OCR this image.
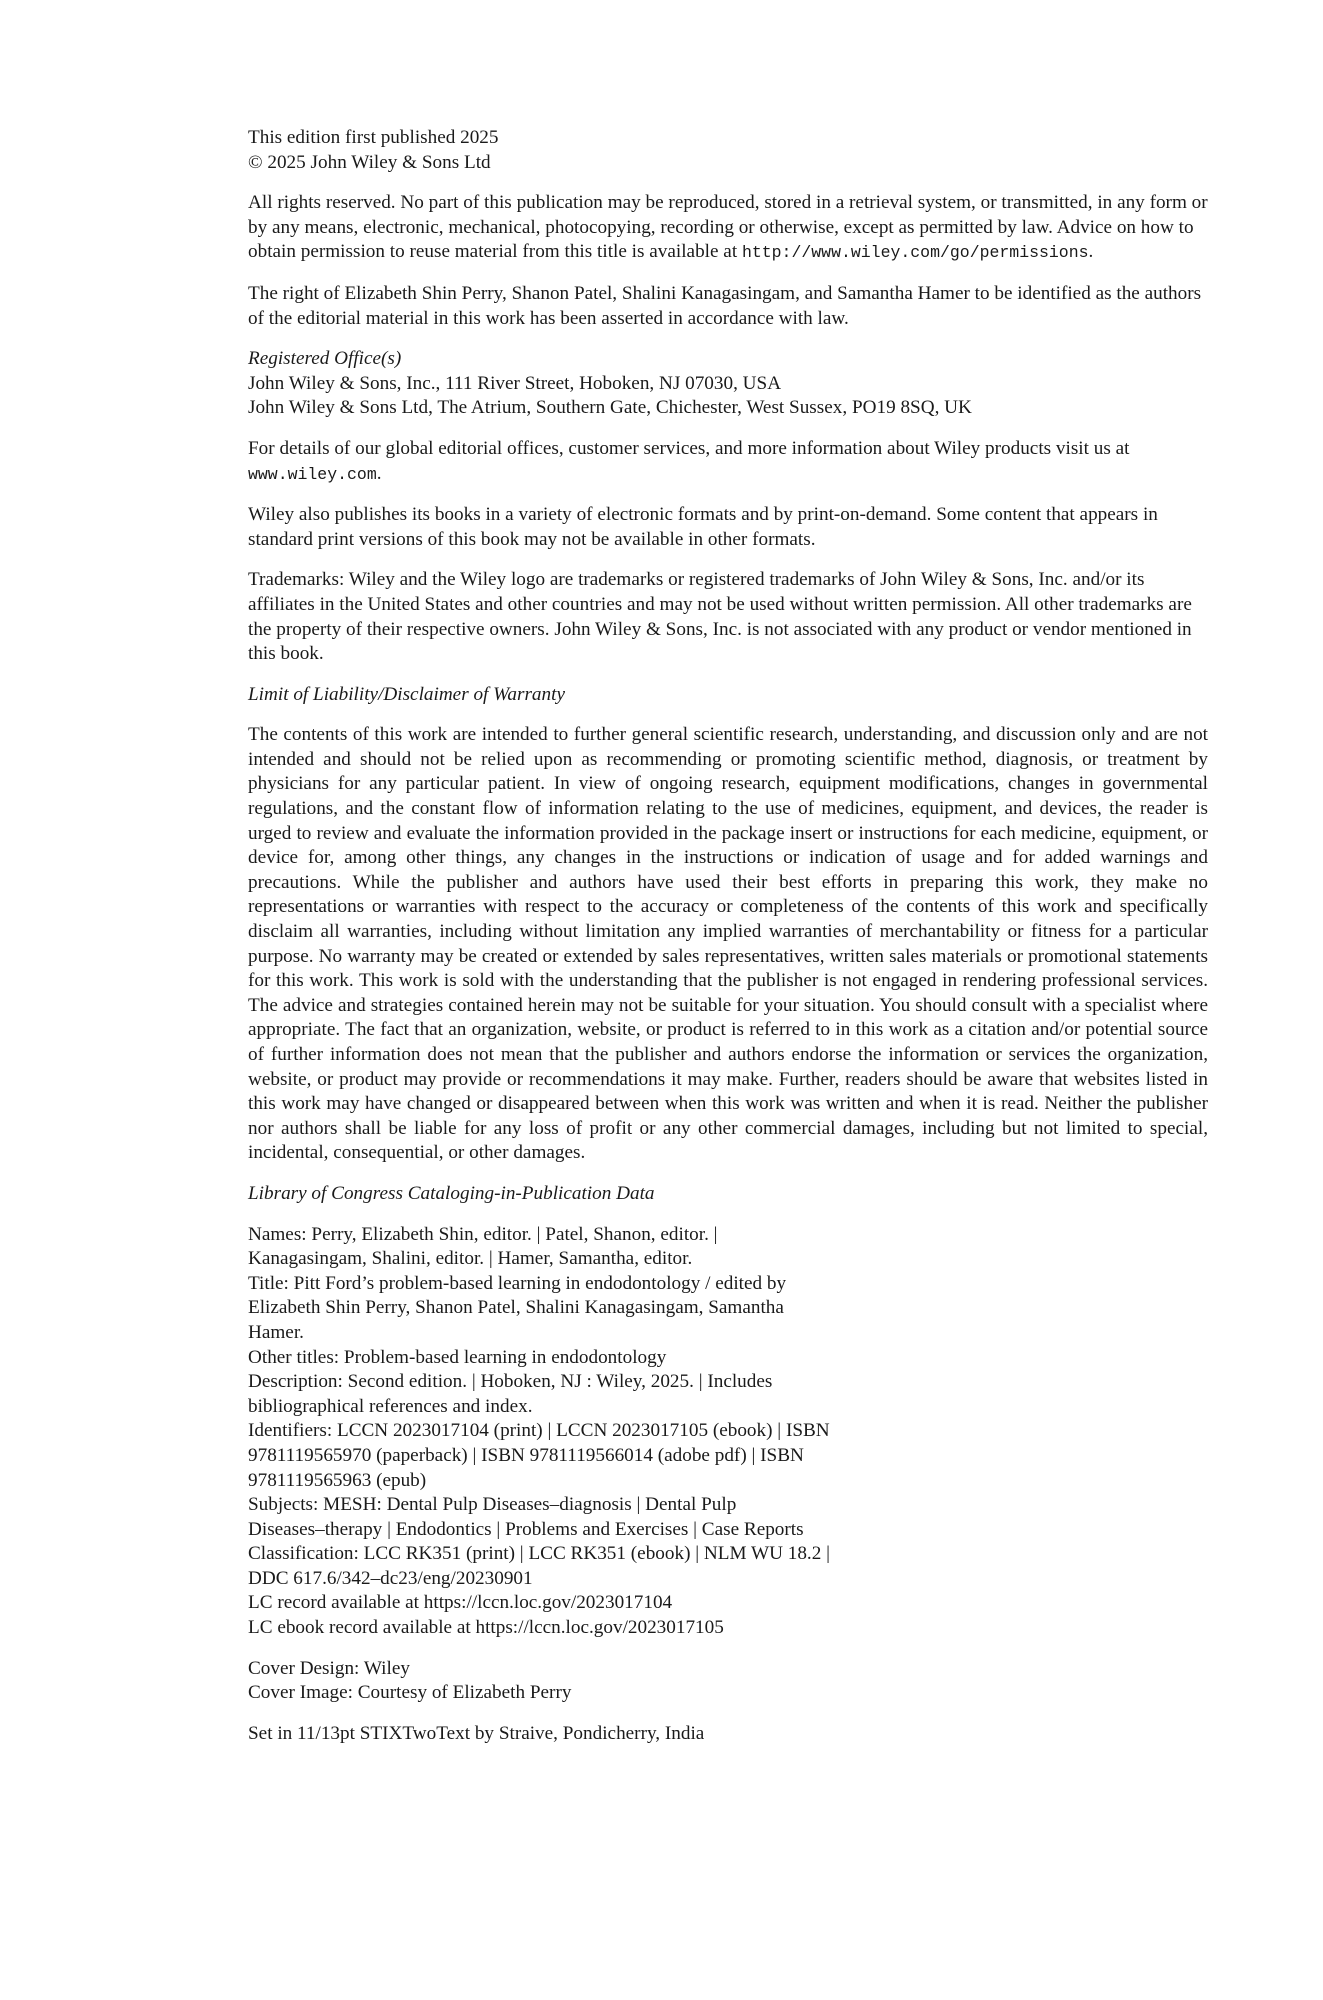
This edition first published 2025

© 2025 John Wiley & Sons Ltd

All rights reserved. No part of this publication may be reproduced, stored in a retrieval system, or transmitted, in any form or by any means, electronic, mechanical, photocopying, recording or otherwise, except as permitted by law. Advice on how to obtain permission to reuse material from this title is available at http://www.wiley.com/go/permissions.

The right of Elizabeth Shin Perry, Shanon Patel, Shalini Kanagasingam, and Samantha Hamer to be identified as the authors of the editorial material in this work has been asserted in accordance with law.

Registered Office(s)

John Wiley & Sons, Inc., 111 River Street, Hoboken, NJ 07030, USA

John Wiley & Sons Ltd, The Atrium, Southern Gate, Chichester, West Sussex, PO19 8SQ, UK

For details of our global editorial offices, customer services, and more information about Wiley products visit us at www.wiley.com.

Wiley also publishes its books in a variety of electronic formats and by print-on-demand. Some content that appears in standard print versions of this book may not be available in other formats.

Trademarks: Wiley and the Wiley logo are trademarks or registered trademarks of John Wiley & Sons, Inc. and/or its affiliates in the United States and other countries and may not be used without written permission. All other trademarks are the property of their respective owners. John Wiley & Sons, Inc. is not associated with any product or vendor mentioned in this book.

Limit of Liability/Disclaimer of Warranty

The contents of this work are intended to further general scientific research, understanding, and discussion only and are not intended and should not be relied upon as recommending or promoting scientific method, diagnosis, or treatment by physicians for any particular patient. In view of ongoing research, equipment modifications, changes in governmental regulations, and the constant flow of information relating to the use of medicines, equipment, and devices, the reader is urged to review and evaluate the information provided in the package insert or instructions for each medicine, equipment, or device for, among other things, any changes in the instructions or indication of usage and for added warnings and precautions. While the publisher and authors have used their best efforts in preparing this work, they make no representations or warranties with respect to the accuracy or completeness of the contents of this work and specifically disclaim all warranties, including without limitation any implied warranties of merchantability or fitness for a particular purpose. No warranty may be created or extended by sales representatives, written sales materials or promotional statements for this work. This work is sold with the understanding that the publisher is not engaged in rendering professional services. The advice and strategies contained herein may not be suitable for your situation. You should consult with a specialist where appropriate. The fact that an organization, website, or product is referred to in this work as a citation and/or potential source of further information does not mean that the publisher and authors endorse the information or services the organization, website, or product may provide or recommendations it may make. Further, readers should be aware that websites listed in this work may have changed or disappeared between when this work was written and when it is read. Neither the publisher nor authors shall be liable for any loss of profit or any other commercial damages, including but not limited to special, incidental, consequential, or other damages.

Library of Congress Cataloging-in-Publication Data

Names: Perry, Elizabeth Shin, editor. | Patel, Shanon, editor. |
Kanagasingam, Shalini, editor. | Hamer, Samantha, editor.
Title: Pitt Ford’s problem-based learning in endodontology / edited by
Elizabeth Shin Perry, Shanon Patel, Shalini Kanagasingam, Samantha
Hamer.
Other titles: Problem-based learning in endodontology
Description: Second edition. | Hoboken, NJ : Wiley, 2025. | Includes
bibliographical references and index.
Identifiers: LCCN 2023017104 (print) | LCCN 2023017105 (ebook) | ISBN
9781119565970 (paperback) | ISBN 9781119566014 (adobe pdf) | ISBN
9781119565963 (epub)
Subjects: MESH: Dental Pulp Diseases–diagnosis | Dental Pulp
Diseases–therapy | Endodontics | Problems and Exercises | Case Reports
Classification: LCC RK351 (print) | LCC RK351 (ebook) | NLM WU 18.2 |
DDC 617.6/342–dc23/eng/20230901
LC record available at https://lccn.loc.gov/2023017104
LC ebook record available at https://lccn.loc.gov/2023017105

Cover Design: Wiley

Cover Image: Courtesy of Elizabeth Perry

Set in 11/13pt STIXTwoText by Straive, Pondicherry, India
